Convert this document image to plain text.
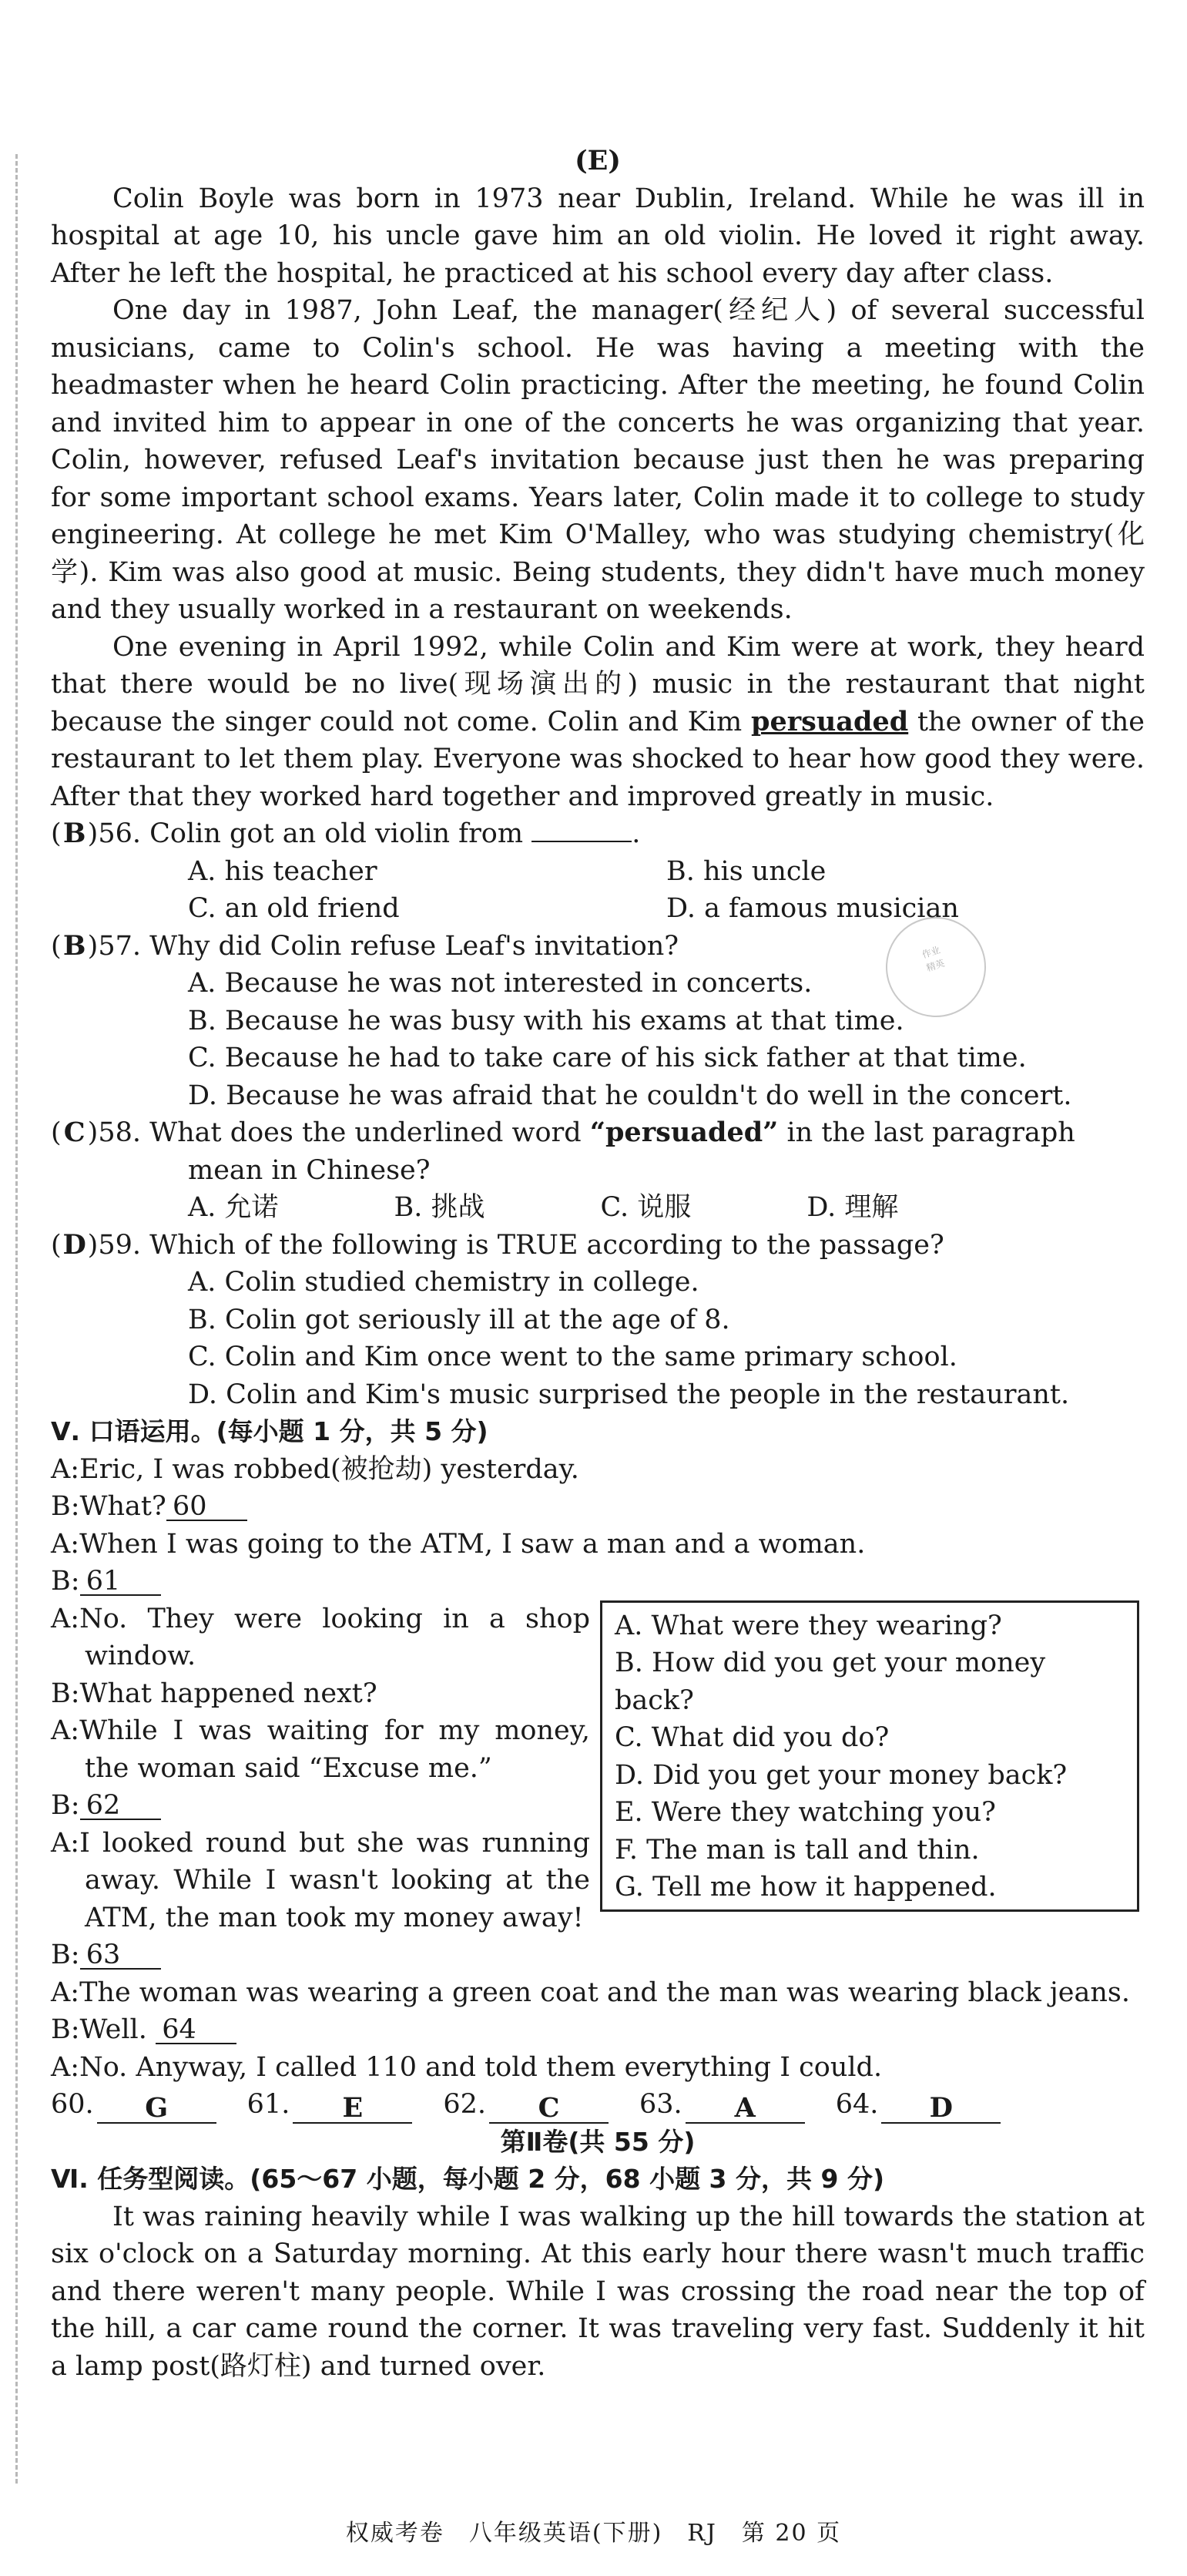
作业
精英
(E)
Colin Boyle was born in 1973 near Dublin, Ireland. While he was ill in hospital at age 10, his uncle gave him an old violin. He loved it right away. After he left the hospital, he practiced at his school every day after class.
One day in 1987, John Leaf, the manager(经纪人) of several successful musicians, came to Colin's school. He was having a meeting with the headmaster when he heard Colin practicing. After the meeting, he found Colin and invited him to appear in one of the concerts he was organizing that year. Colin, however, refused Leaf's invitation because just then he was preparing for some important school exams. Years later, Colin made it to college to study engineering. At college he met Kim O'Malley, who was studying chemistry(化学). Kim was also good at music. Being students, they didn't have much money and they usually worked in a restaurant on weekends.
One evening in April 1992, while Colin and Kim were at work, they heard that there would be no live(现场演出的) music in the restaurant that night because the singer could not come. Colin and Kim persuaded the owner of the restaurant to let them play. Everyone was shocked to hear how good they were. After that they worked hard together and improved greatly in music.
(B)56. Colin got an old violin from	.
A. his teacher	B. his uncle
C. an old friend	D. a famous musician
(B)57. Why did Colin refuse Leaf's invitation?
A. Because he was not interested in concerts.
B. Because he was busy with his exams at that time.
C. Because he had to take care of his sick father at that time.
D. Because he was afraid that he couldn't do well in the concert.
(C)58. What does the underlined word “persuaded” in the last paragraph
mean in Chinese?
A. 允诺	B. 挑战	C. 说服	D. 理解
(D)59. Which of the following is TRUE according to the passage?
A. Colin studied chemistry in college.
B. Colin got seriously ill at the age of 8.
C. Colin and Kim once went to the same primary school.
D. Colin and Kim's music surprised the people in the restaurant.
Ⅴ. 口语运用。(每小题 1 分，共 5 分)
A:Eric, I was robbed(被抢劫) yesterday.
B:What? 60
A:When I was going to the ATM, I saw a man and a woman.
B: 61
A:No. They were looking in a shop window.
B:What happened next?
A:While I was waiting for my money, the woman said “Excuse me.”
B: 62
A:I looked round but she was running away. While I wasn't looking at the ATM, the man took my money away!
B: 63
A. What were they wearing?
B. How did you get your money back?
C. What did you do?
D. Did you get your money back?
E. Were they watching you?
F. The man is tall and thin.
G. Tell me how it happened.
A:The woman was wearing a green coat and the man was wearing black jeans.
B:Well. 64
A:No. Anyway, I called 110 and told them everything I could.
60.	G	61.	E	62.	C	63.	A	64.	D
第Ⅱ卷(共 55 分)
Ⅵ. 任务型阅读。(65～67 小题，每小题 2 分，68 小题 3 分，共 9 分)
It was raining heavily while I was walking up the hill towards the station at six o'clock on a Saturday morning. At this early hour there wasn't much traffic and there weren't many people. While I was crossing the road near the top of the hill, a car came round the corner. It was traveling very fast. Suddenly it hit a lamp post(路灯柱) and turned over.
权威考卷　八年级英语(下册)　RJ　第 20 页
